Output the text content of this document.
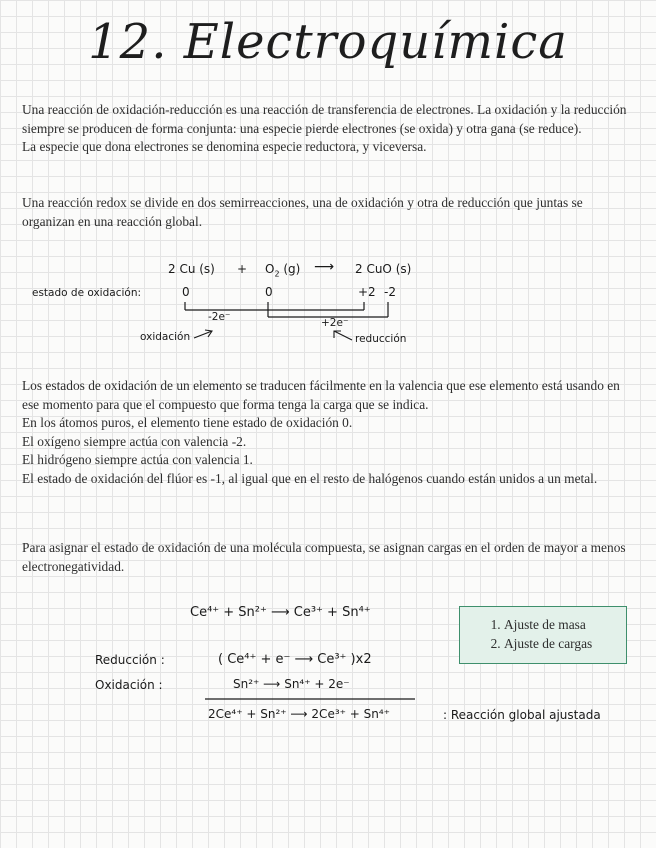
12. Electroquímica

Una reacción de oxidación-reducción es una reacción de transferencia de electrones. La oxidación y la reducción siempre se producen de forma conjunta: una especie pierde electrones (se oxida) y otra gana (se reduce).

La especie que dona electrones se denomina especie reductora, y viceversa.

Una reacción redox se divide en dos semirreacciones, una de oxidación y otra de reducción que juntas se organizan en una reacción global.

2 Cu $(s) + O_2$ (g) ⟶ 2 CuO (s)
estado de oxidación:	0	0	+2 -2
-2e⁻	+2e⁻
oxidación	reducción

Los estados de oxidación de un elemento se traducen fácilmente en la valencia que ese elemento está usando en ese momento para que el compuesto que forma tenga la carga que se indica.

En los átomos puros, el elemento tiene estado de oxidación 0.

El oxígeno siempre actúa con valencia -2.

El hidrógeno siempre actúa con valencia 1.

El estado de oxidación del flúor es -1, al igual que en el resto de halógenos cuando están unidos a un metal.

Para asignar el estado de oxidación de una molécula compuesta, se asignan cargas en el orden de mayor a menos electronegatividad.

Ce⁴⁺ + Sn²⁺ ⟶ Ce³⁺ + Sn⁴⁺
Reducción :	( Ce⁴⁺ + e⁻ ⟶ Ce³⁺ )x2
Oxidación :	Sn²⁺ ⟶ Sn⁴⁺ + 2e⁻
2Ce⁴⁺ + Sn²⁺ ⟶ 2Ce³⁺ + Sn⁴⁺	: Reacción global ajustada
1. Ajuste de masa
2. Ajuste de cargas
